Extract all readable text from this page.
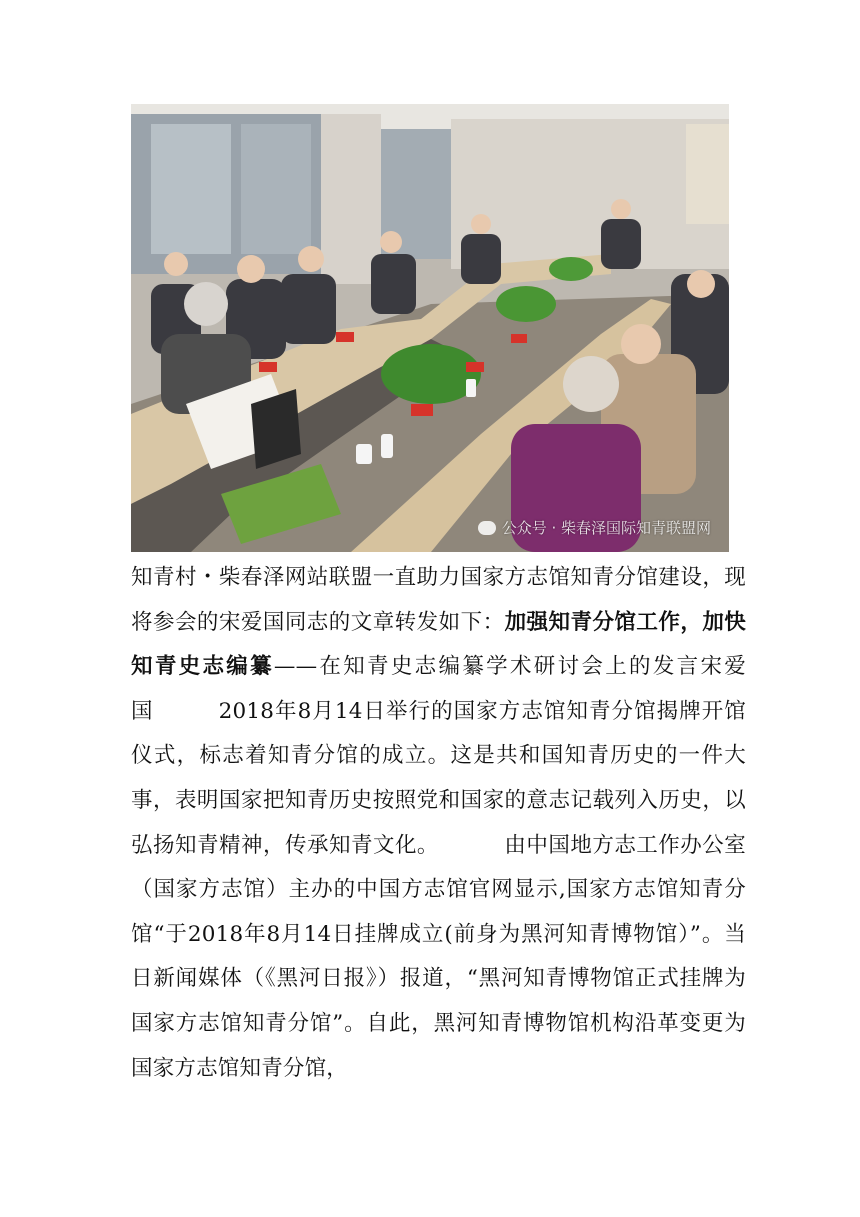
公众号 · 柴春泽国际知青联盟网

知青村・柴春泽网站联盟一直助力国家方志馆知青分馆建设，现将参会的宋爱国同志的文章转发如下：加强知青分馆工作，加快知青史志编纂——在知青史志编纂学术研讨会上的发言宋爱国   	2018年8月14日举行的国家方志馆知青分馆揭牌开馆仪式，标志着知青分馆的成立。这是共和国知青历史的一件大事，表明国家把知青历史按照党和国家的意志记载列入历史，以弘扬知青精神，传承知青文化。   	由中国地方志工作办公室（国家方志馆）主办的中国方志馆官网显示,国家方志馆知青分馆“于2018年8月14日挂牌成立(前身为黑河知青博物馆）”。当日新闻媒体（《黑河日报》）报道，“黑河知青博物馆正式挂牌为国家方志馆知青分馆”。自此，黑河知青博物馆机构沿革变更为国家方志馆知青分馆，
